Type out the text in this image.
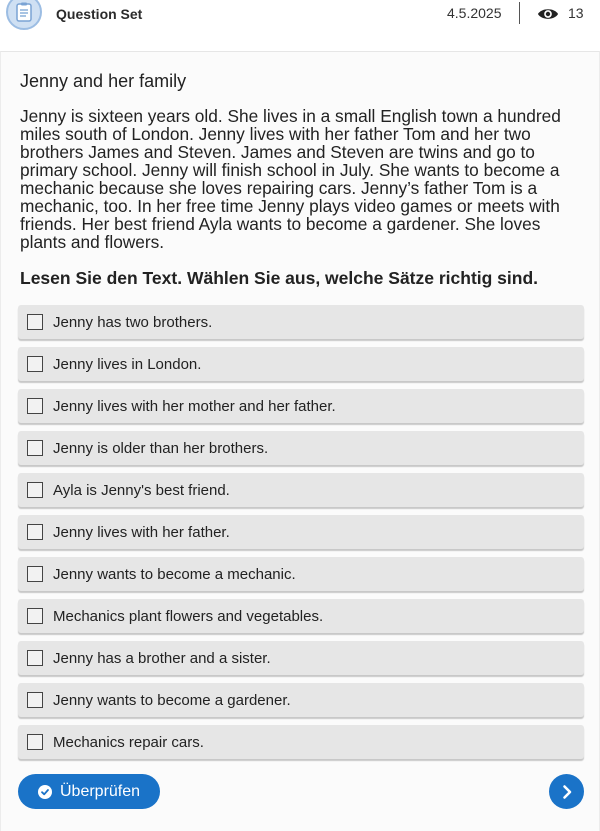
Question Set	4.5.2025	13
Jenny and her family
Jenny is sixteen years old. She lives in a small English town a hundred miles south of London. Jenny lives with her father Tom and her two brothers James and Steven. James and Steven are twins and go to primary school. Jenny will finish school in July. She wants to become a mechanic because she loves repairing cars. Jenny’s father Tom is a mechanic, too. In her free time Jenny plays video games or meets with friends. Her best friend Ayla wants to become a gardener. She loves plants and flowers.
Lesen Sie den Text. Wählen Sie aus, welche Sätze richtig sind.
Jenny has two brothers.
Jenny lives in London.
Jenny lives with her mother and her father.
Jenny is older than her brothers.
Ayla is Jenny's best friend.
Jenny lives with her father.
Jenny wants to become a mechanic.
Mechanics plant flowers and vegetables.
Jenny has a brother and a sister.
Jenny wants to become a gardener.
Mechanics repair cars.
Überprüfen
